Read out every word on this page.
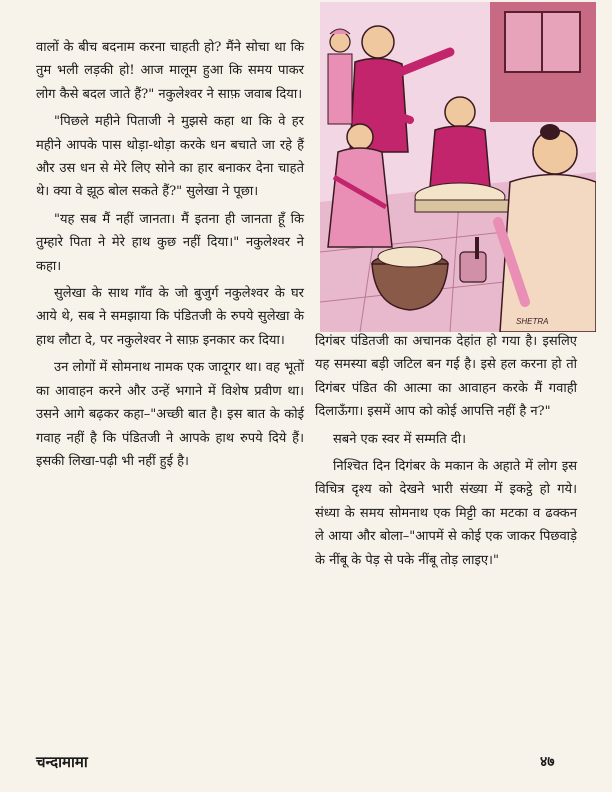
SHETRA

वालों के बीच बदनाम करना चाहती हो? मैंने सोचा था कि तुम भली लड़की हो! आज मालूम हुआ कि समय पाकर लोग कैसे बदल जाते हैं?" नकुलेश्वर ने साफ़ जवाब दिया।

"पिछले महीने पिताजी ने मुझसे कहा था कि वे हर महीने आपके पास थोड़ा-थोड़ा करके धन बचाते जा रहे हैं और उस धन से मेरे लिए सोने का हार बनाकर देना चाहते थे। क्या वे झूठ बोल सकते हैं?" सुलेखा ने पूछा।

"यह सब मैं नहीं जानता। मैं इतना ही जानता हूँ कि तुम्हारे पिता ने मेरे हाथ कुछ नहीं दिया।" नकुलेश्वर ने कहा।

सुलेखा के साथ गाँव के जो बुजुर्ग नकुलेश्वर के घर आये थे, सब ने समझाया कि पंडितजी के रुपये सुलेखा के हाथ लौटा दे, पर नकुलेश्वर ने साफ़ इनकार कर दिया।

उन लोगों में सोमनाथ नामक एक जादूगर था। वह भूतों का आवाहन करने और उन्हें भगाने में विशेष प्रवीण था। उसने आगे बढ़कर कहा–"अच्छी बात है। इस बात के कोई गवाह नहीं है कि पंडितजी ने आपके हाथ रुपये दिये हैं। इसकी लिखा-पढ़ी भी नहीं हुई है।

दिगंबर पंडितजी का अचानक देहांत हो गया है। इसलिए यह समस्या बड़ी जटिल बन गई है। इसे हल करना हो तो दिगंबर पंडित की आत्मा का आवाहन करके मैं गवाही दिलाऊँगा। इसमें आप को कोई आपत्ति नहीं है न?"

सबने एक स्वर में सम्मति दी।

निश्चित दिन दिगंबर के मकान के अहाते में लोग इस विचित्र दृश्य को देखने भारी संख्या में इकट्ठे हो गये। संध्या के समय सोमनाथ एक मिट्टी का मटका व ढक्कन ले आया और बोला–"आपमें से कोई एक जाकर पिछवाड़े के नींबू के पेड़ से पके नींबू तोड़ लाइए।"

चन्दामामा	४७
